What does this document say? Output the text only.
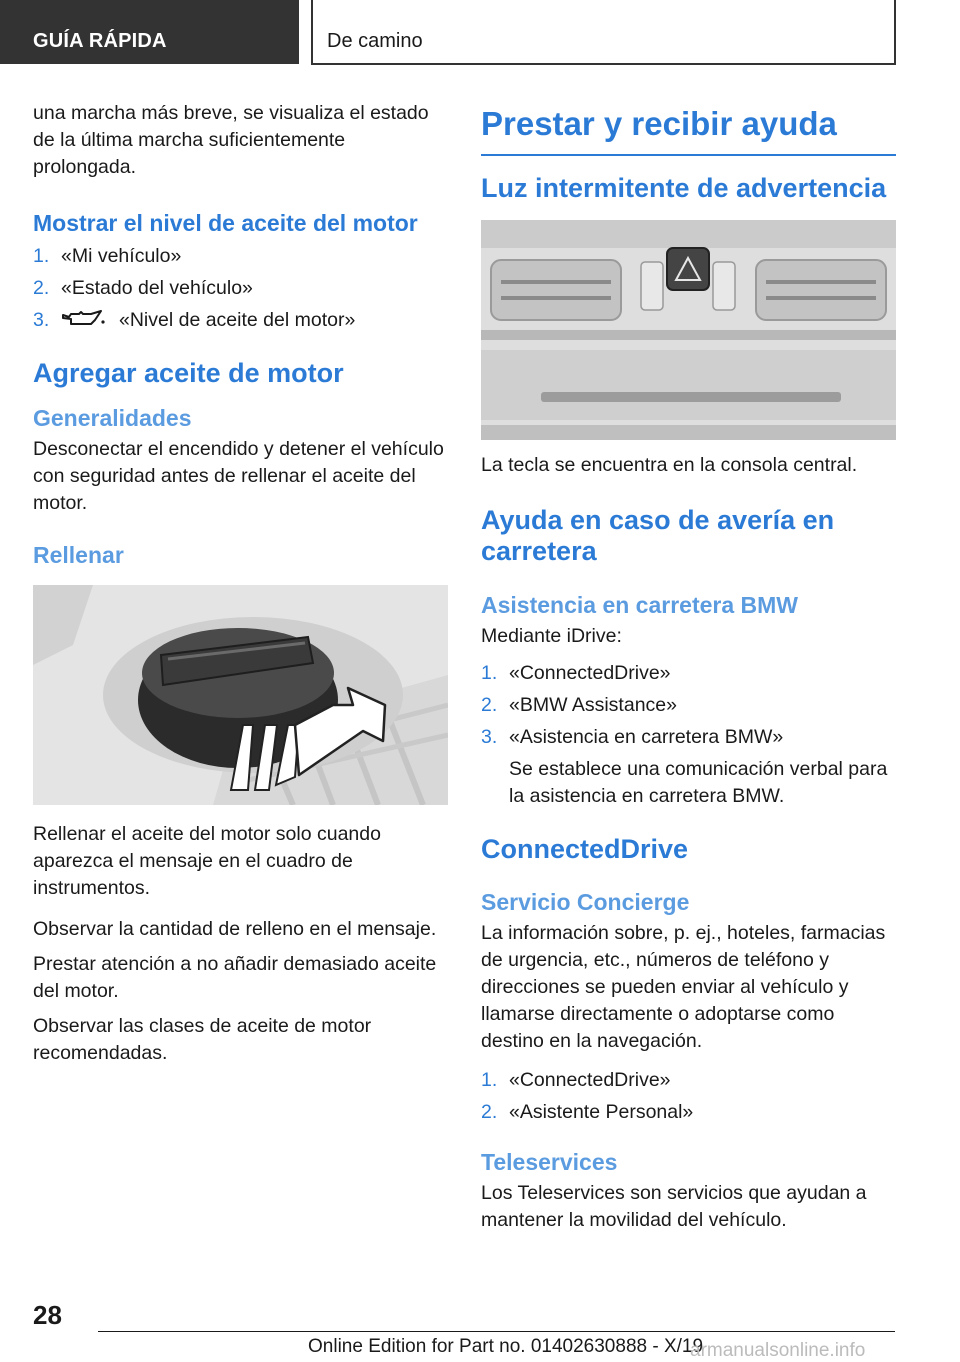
GUÍA RÁPIDA	De camino

una marcha más breve, se visualiza el estado de la última marcha suficientemente prolongada.

Mostrar el nivel de aceite del motor
1. «Mi vehículo»
2. «Estado del vehículo»
3.	«Nivel de aceite del motor»
Agregar aceite de motor
Generalidades

Desconectar el encendido y detener el vehículo con seguridad antes de rellenar el aceite del motor.

Rellenar

Rellenar el aceite del motor solo cuando aparezca el mensaje en el cuadro de instrumentos.

Observar la cantidad de relleno en el mensaje.

Prestar atención a no añadir demasiado aceite del motor.

Observar las clases de aceite de motor recomendadas.

Prestar y recibir ayuda
Luz intermitente de advertencia

La tecla se encuentra en la consola central.

Ayuda en caso de avería en carretera
Asistencia en carretera BMW

Mediante iDrive:

1. «ConnectedDrive»
2. «BMW Assistance»
3. «Asistencia en carretera BMW»
Se establece una comunicación verbal para la asistencia en carretera BMW.
ConnectedDrive
Servicio Concierge

La información sobre, p. ej., hoteles, farmacias de urgencia, etc., números de teléfono y direcciones se pueden enviar al vehículo y llamarse directamente o adoptarse como destino en la navegación.

1. «ConnectedDrive»
2. «Asistente Personal»
Teleservices

Los Teleservices son servicios que ayudan a mantener la movilidad del vehículo.

28
Online Edition for Part no. 01402630888 - X/19
armanualsonline.info
